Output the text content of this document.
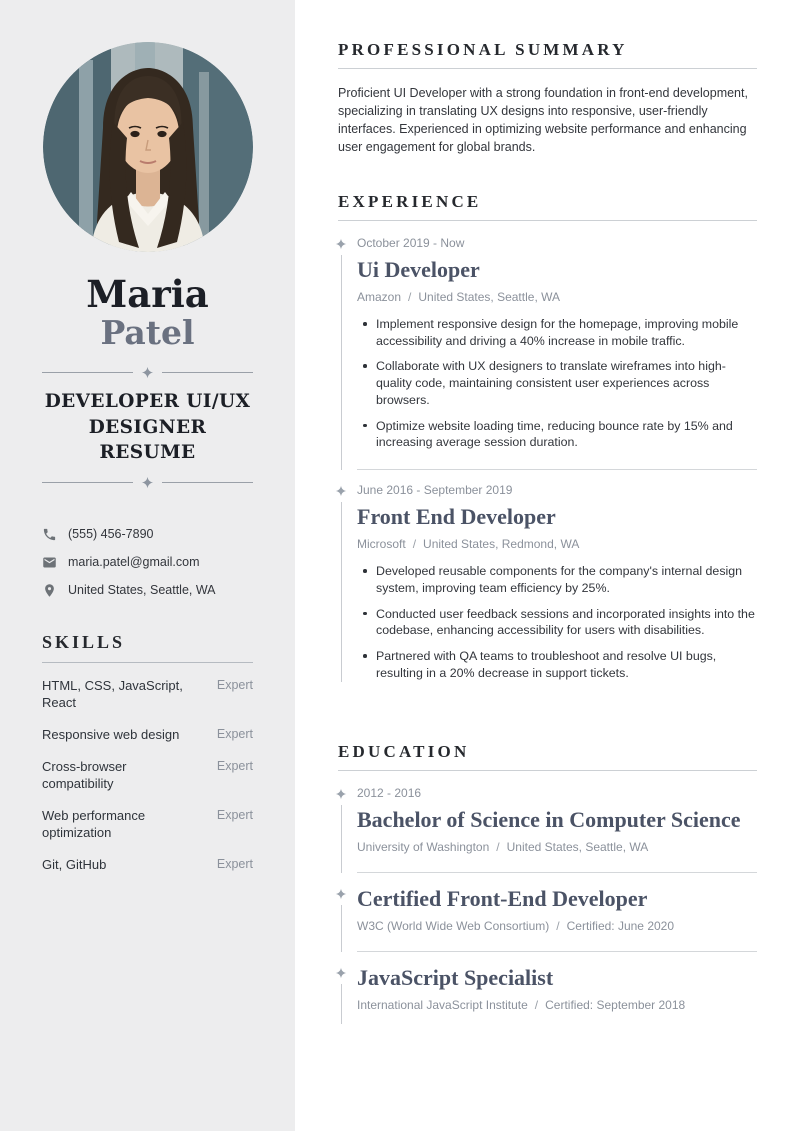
Maria
Patel
DEVELOPER UI/UX
DESIGNER RESUME
(555) 456-7890
maria.patel@gmail.com
United States, Seattle, WA
SKILLS
HTML, CSS, JavaScript, React
Expert
Responsive web design	Expert
Cross-browser compatibility
Expert
Web performance optimization
Expert
Git, GitHub	Expert
PROFESSIONAL SUMMARY

Proficient UI Developer with a strong foundation in front-end development, specializing in translating UX designs into responsive, user-friendly interfaces. Experienced in optimizing website performance and enhancing user engagement for global brands.

EXPERIENCE
October 2019 - Now
Ui Developer
Amazon / United States, Seattle, WA
Implement responsive design for the homepage, improving mobile accessibility and driving a 40% increase in mobile traffic.
Collaborate with UX designers to translate wireframes into high-quality code, maintaining consistent user experiences across browsers.
Optimize website loading time, reducing bounce rate by 15% and increasing average session duration.
June 2016 - September 2019
Front End Developer
Microsoft / United States, Redmond, WA
Developed reusable components for the company's internal design system, improving team efficiency by 25%.
Conducted user feedback sessions and incorporated insights into the codebase, enhancing accessibility for users with disabilities.
Partnered with QA teams to troubleshoot and resolve UI bugs, resulting in a 20% decrease in support tickets.
EDUCATION
2012 - 2016
Bachelor of Science in Computer Science
University of Washington / United States, Seattle, WA
Certified Front-End Developer
W3C (World Wide Web Consortium) / Certified: June 2020
JavaScript Specialist
International JavaScript Institute / Certified: September 2018
